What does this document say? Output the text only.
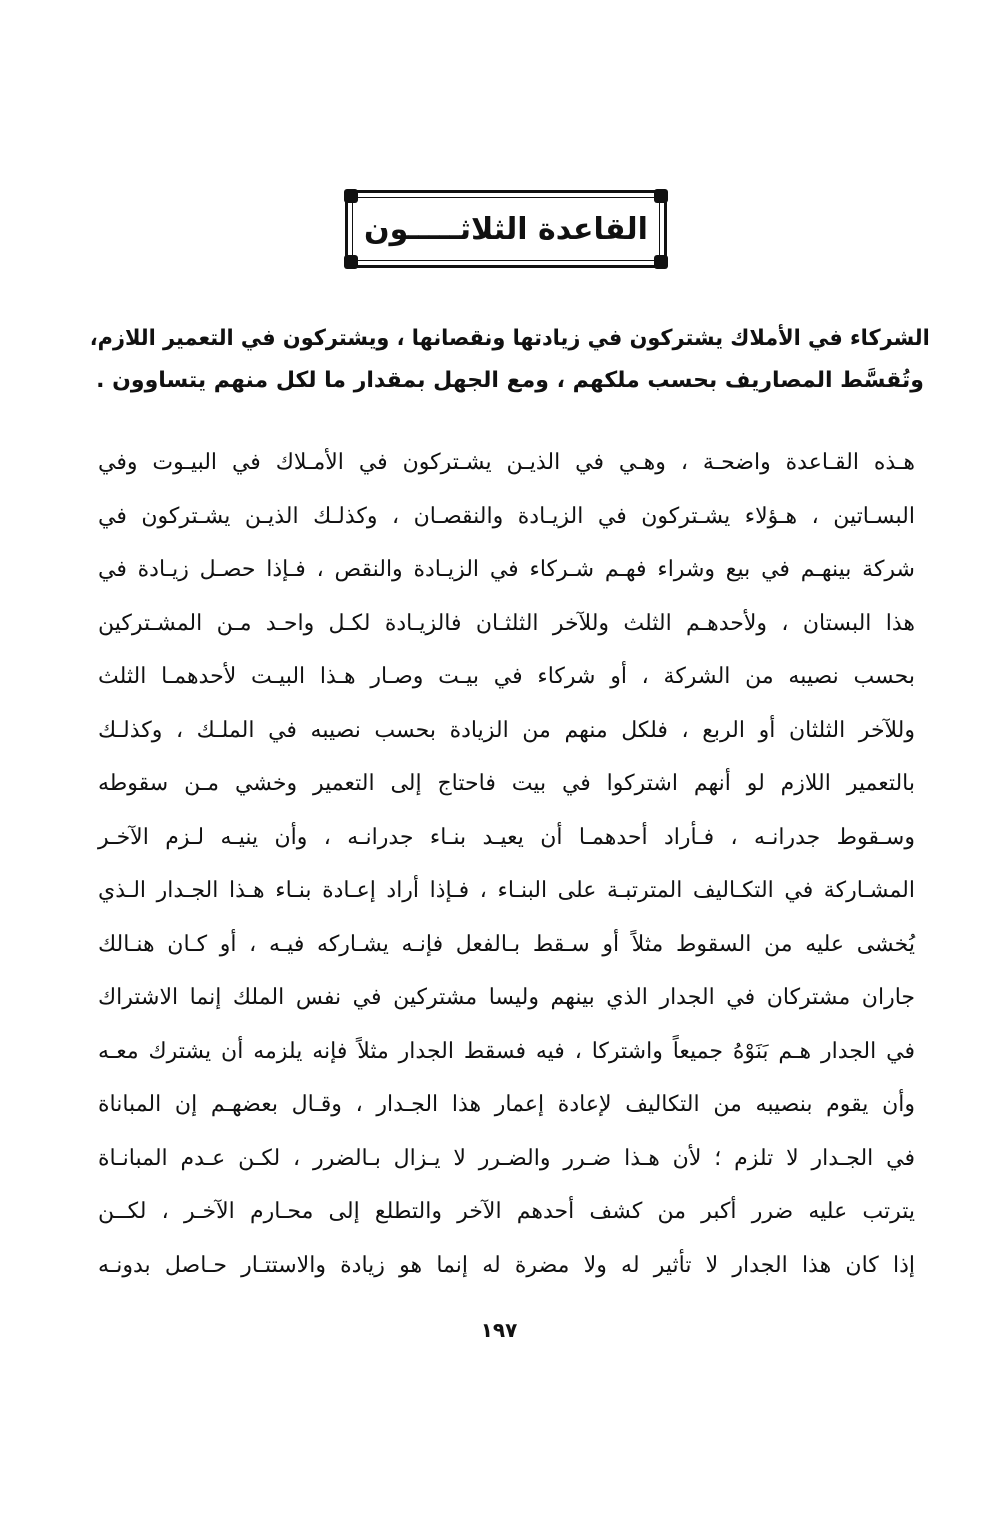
القاعدة الثلاثـــــون
الشركاء في الأملاك يشتركون في زيادتها ونقصانها ، ويشتركون في التعمير اللازم،
وتُقسَّط المصاريف بحسب ملكهم ، ومع الجهل بمقدار ما لكل منهم يتساوون .
هـذه القـاعدة واضحـة ، وهـي في الذيـن يشـتركون في الأمـلاك في البيـوت وفي
البسـاتين ، هـؤلاء يشـتركون في الزيـادة والنقصـان ، وكذلـك الذيـن يشـتركون في
شركة بينهـم في بيع وشراء فهـم شـركاء في الزيـادة والنقص ، فـإذا حصـل زيـادة في
هذا البستان ، ولأحدهـم الثلث وللآخر الثلثـان فالزيـادة لكـل واحـد مـن المشـتركين
بحسب نصيبه من الشركة ، أو شركاء في بيـت وصـار هـذا البيـت لأحدهمـا الثلث
وللآخر الثلثان أو الربع ، فلكل منهم من الزيادة بحسب نصيبه في الملـك ، وكذلـك
بالتعمير اللازم لو أنهم اشتركوا في بيت فاحتاج إلى التعمير وخشي مـن سقوطه
وسـقوط جدرانـه ، فـأراد أحدهمـا أن يعيـد بنـاء جدرانـه ، وأن ينيـه لـزم الآخـر
المشـاركة في التكـاليف المترتبـة على البنـاء ، فـإذا أراد إعـادة بنـاء هـذا الجـدار الـذي
يُخشى عليه من السقوط مثلاً أو سـقط بـالفعل فإنـه يشـاركه فيـه ، أو كـان هنـالك
جاران مشتركان في الجدار الذي بينهم وليسا مشتركين في نفس الملك إنما الاشتراك
في الجدار هـم بَنَوْهُ جميعاً واشتركا ، فيه فسقط الجدار مثلاً فإنه يلزمه أن يشترك معـه
وأن يقوم بنصيبه من التكاليف لإعادة إعمار هذا الجـدار ، وقـال بعضهـم إن المباناة
في الجـدار لا تلزم ؛ لأن هـذا ضـرر والضـرر لا يـزال بـالضرر ، لكـن عـدم المبانـاة
يترتب عليه ضرر أكبر من كشف أحدهم الآخر والتطلع إلى محـارم الآخـر ، لكــن
إذا كان هذا الجدار لا تأثير له ولا مضرة له إنما هو زيادة والاستتـار حـاصل بدونـه
١٩٧
